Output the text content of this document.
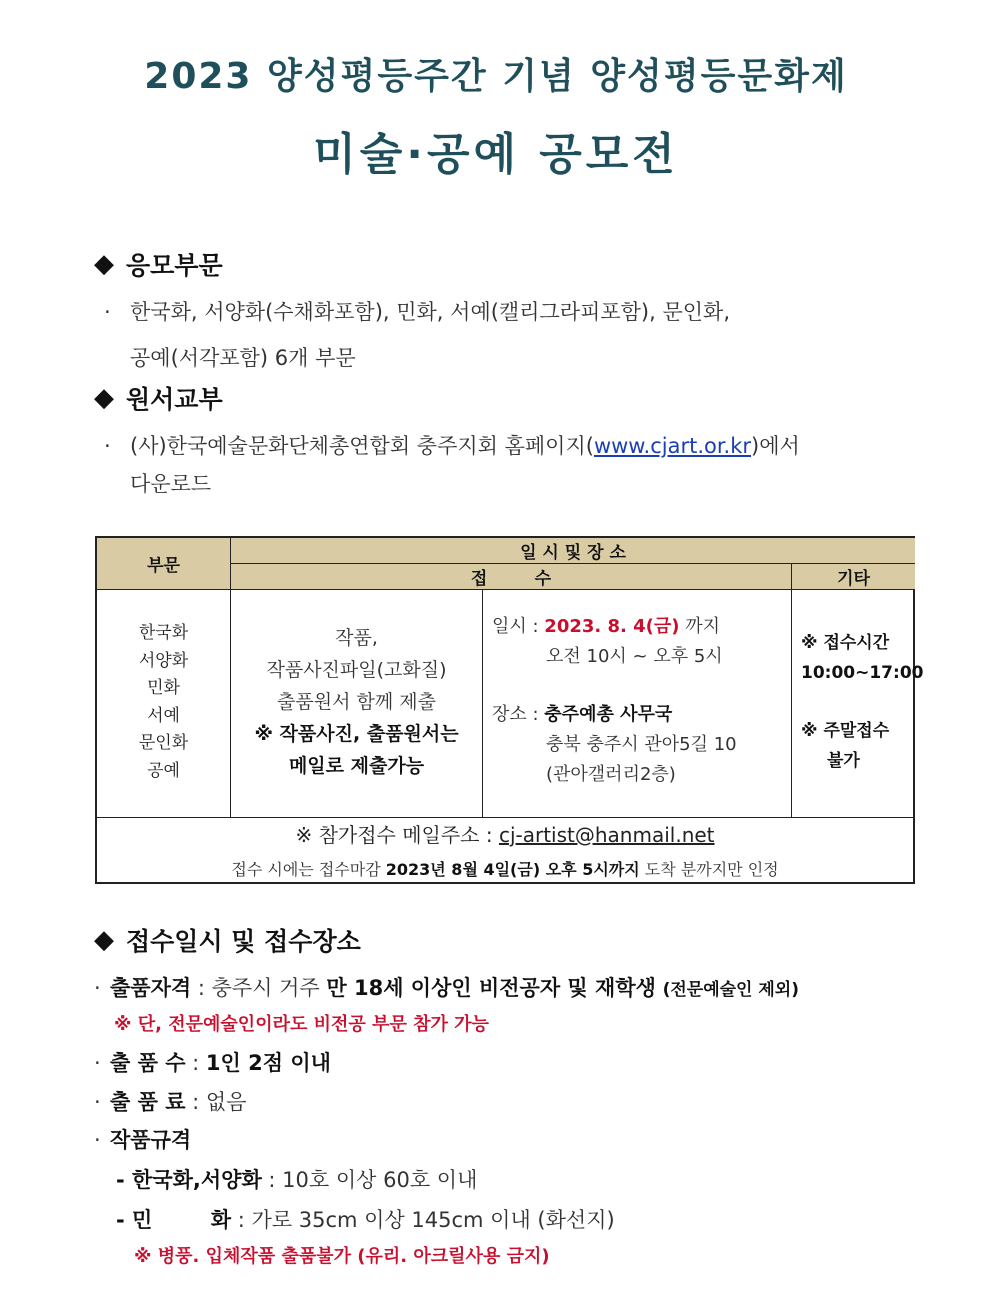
2023 양성평등주간 기념 양성평등문화제
미술·공예 공모전
◆ 응모부문
· 한국화, 서양화(수채화포함), 민화, 서예(캘리그라피포함), 문인화,
공예(서각포함) 6개 부문
◆ 원서교부
· (사)한국예술문화단체총연합회 충주지회 홈페이지(www.cjart.or.kr)에서
다운로드
부문
일 시 및 장 소
접        수	기타
한국화
서양화
민화
서예
문인화
공예
작품,
작품사진파일(고화질)
출품원서 함께 제출
※ 작품사진, 출품원서는
메일로 제출가능
일시 : 2023. 8. 4(금) 까지
오전 10시 ~ 오후 5시
장소 : 충주예총 사무국
충북 충주시 관아5길 10
(관아갤러리2층)
※ 접수시간
10:00~17:00
※ 주말접수
불가
※ 참가접수 메일주소 : cj-artist@hanmail.net
접수 시에는 접수마감 2023년 8월 4일(금) 오후 5시까지 도착 분까지만 인정
◆ 접수일시 및 접수장소
· 출품자격 : 충주시 거주 만 18세 이상인 비전공자 및 재학생 (전문예술인 제외)
※ 단, 전문예술인이라도 비전공 부문 참가 가능
· 출 품 수 : 1인 2점 이내
· 출 품 료 : 없음
· 작품규격
- 한국화,서양화 : 10호 이상 60호 이내
- 민        화 : 가로 35cm 이상 145cm 이내 (화선지)
※ 병풍. 입체작품 출품불가 (유리. 아크릴사용 금지)
